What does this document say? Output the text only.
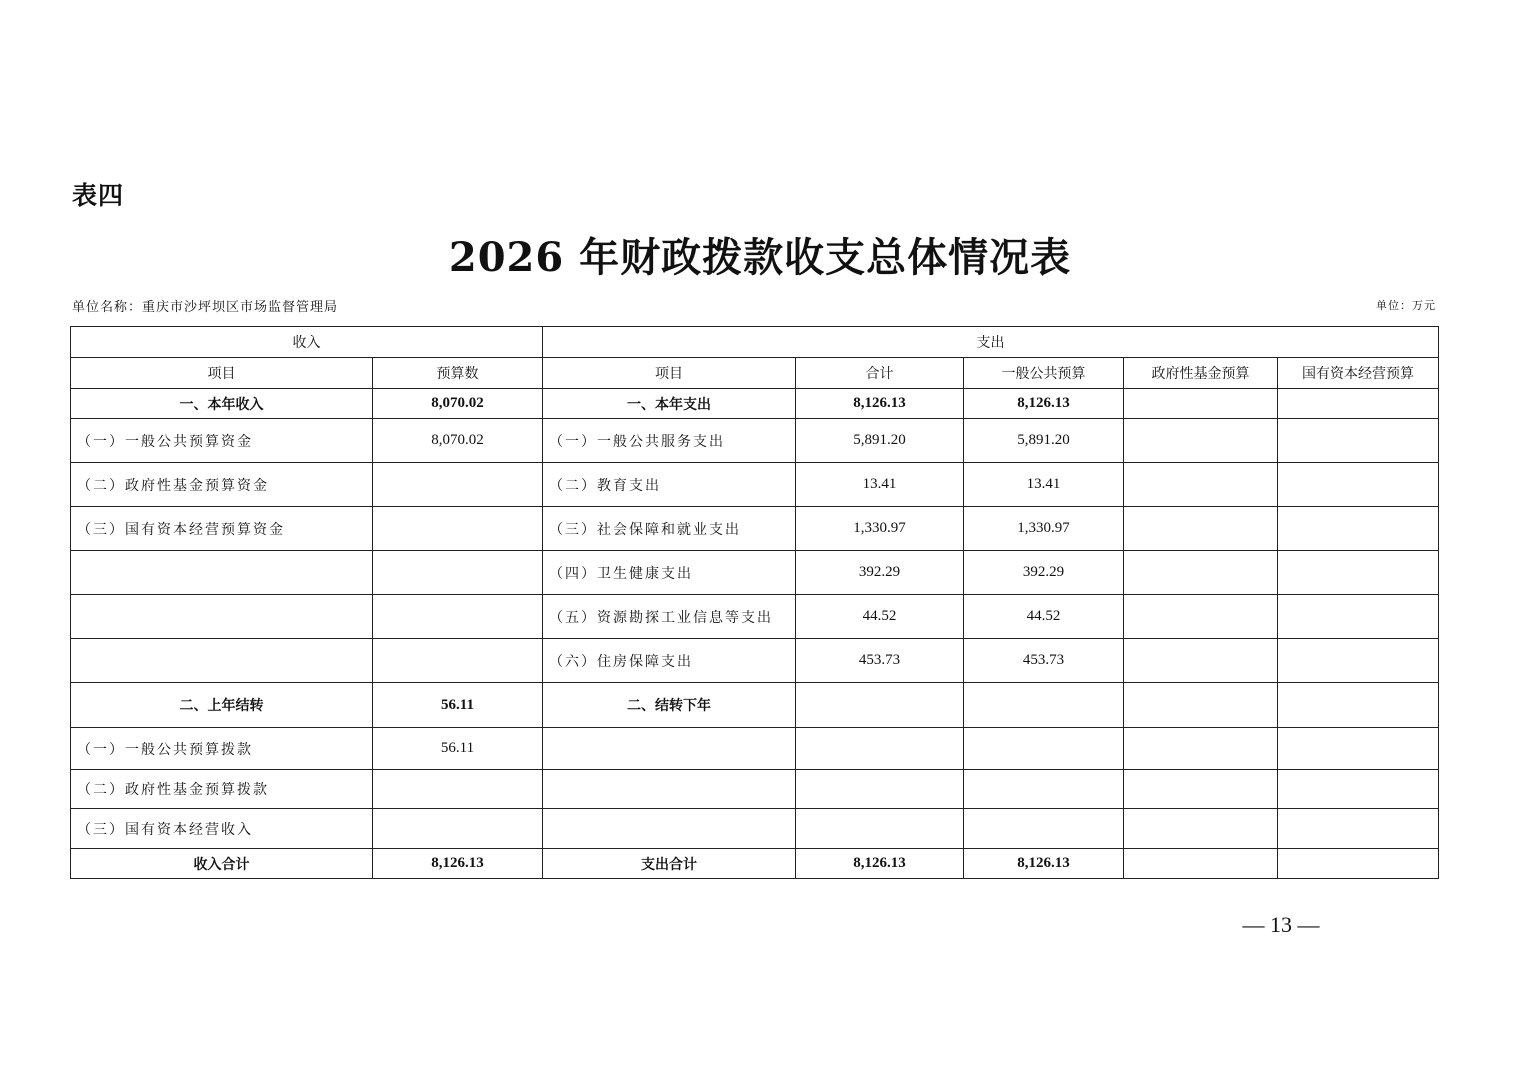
表四
2026 年财政拨款收支总体情况表
单位名称：重庆市沙坪坝区市场监督管理局	单位：万元
收入		支出				
项目	预算数	项目	合计	一般公共预算	政府性基金预算	国有资本经营预算
一、本年收入	8,070.02	一、本年支出	8,126.13	8,126.13		
（一）一般公共预算资金	8,070.02	（一）一般公共服务支出	5,891.20	5,891.20		
（二）政府性基金预算资金		（二）教育支出	13.41	13.41		
（三）国有资本经营预算资金		（三）社会保障和就业支出	1,330.97	1,330.97		
		（四）卫生健康支出	392.29	392.29		
		（五）资源勘探工业信息等支出	44.52	44.52		
		（六）住房保障支出	453.73	453.73		
二、上年结转	56.11	二、结转下年				
（一）一般公共预算拨款	56.11					
（二）政府性基金预算拨款						
（三）国有资本经营收入						
收入合计	8,126.13	支出合计	8,126.13	8,126.13		
— 13 —
